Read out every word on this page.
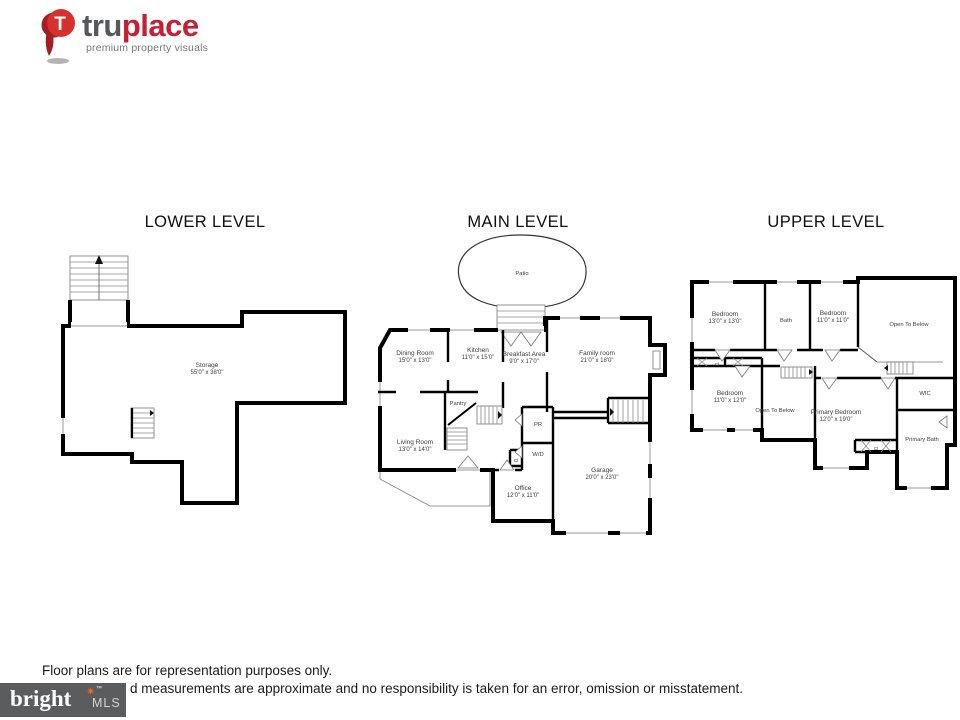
T truplace
premium property visuals
LOWER LEVEL	MAIN LEVEL	UPPER LEVEL
Storage
55'0" x 38'0"
Patio
Dining Room
15'0" x 13'0"
Kitchen
11'0" x 15'0"
Breakfast Area
9'0" x 17'0"
Family room
21'0" x 18'0"
Living Room
13'0" x 14'0"
Pantry
PR
W/D
Cl
Office
12'0" x 11'0"
Garage
20'0" x 23'0"
Bedroom
13'0" x 13'0"	Bath
Bedroom
11'0" x 11'0"
Open To Below
Bedroom
11'0" x 12'0"
Open To Below Primary Bedroom
12'0" x 19'0"
WIC
Primary Bath
Cl
Cl
Floor plans are for representation purposes only.
d measurements are approximate and no responsibility is taken for an error, omission or misstatement.
bright ✷ ™
MLS
